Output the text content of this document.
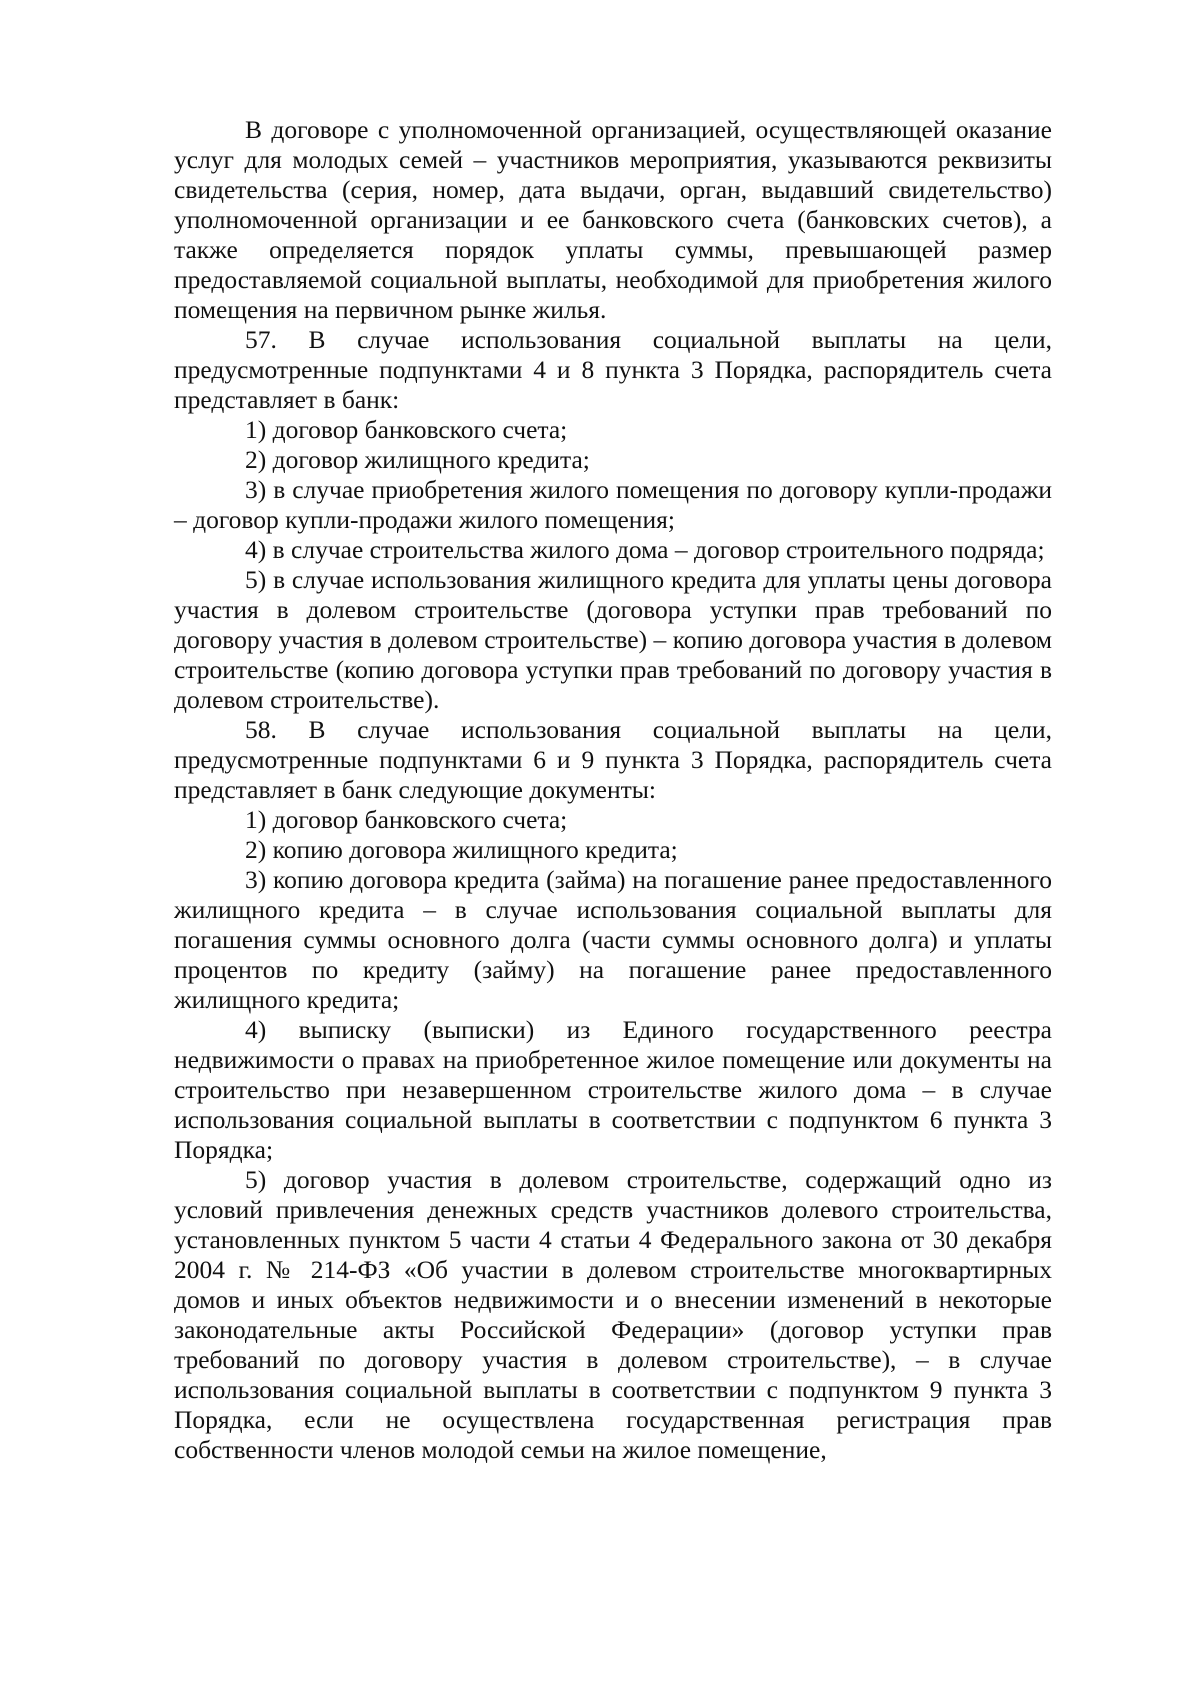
В договоре с уполномоченной организацией, осуществляющей оказание услуг для молодых семей – участников мероприятия, указываются реквизиты свидетельства (серия, номер, дата выдачи, орган, выдавший свидетельство) уполномоченной организации и ее банковского счета (банковских счетов), а также определяется порядок уплаты суммы, превышающей размер предоставляемой социальной выплаты, необходимой для приобретения жилого помещения на первичном рынке жилья.

57. В случае использования социальной выплаты на цели, предусмотренные подпунктами 4 и 8 пункта 3 Порядка, распорядитель счета представляет в банк:

1) договор банковского счета;

2) договор жилищного кредита;

3) в случае приобретения жилого помещения по договору купли-продажи – договор купли-продажи жилого помещения;

4) в случае строительства жилого дома – договор строительного подряда;

5) в случае использования жилищного кредита для уплаты цены договора участия в долевом строительстве (договора уступки прав требований по договору участия в долевом строительстве) – копию договора участия в долевом строительстве (копию договора уступки прав требований по договору участия в долевом строительстве).

58. В случае использования социальной выплаты на цели, предусмотренные подпунктами 6 и 9 пункта 3 Порядка, распорядитель счета представляет в банк следующие документы:

1) договор банковского счета;

2) копию договора жилищного кредита;

3) копию договора кредита (займа) на погашение ранее предоставленного жилищного кредита – в случае использования социальной выплаты для погашения суммы основного долга (части суммы основного долга) и уплаты процентов по кредиту (займу) на погашение ранее предоставленного жилищного кредита;

4) выписку (выписки) из Единого государственного реестра недвижимости о правах на приобретенное жилое помещение или документы на строительство при незавершенном строительстве жилого дома – в случае использования социальной выплаты в соответствии с подпунктом 6 пункта 3 Порядка;

5) договор участия в долевом строительстве, содержащий одно из условий привлечения денежных средств участников долевого строительства, установленных пунктом 5 части 4 статьи 4 Федерального закона от 30 декабря 2004 г. № 214-ФЗ «Об участии в долевом строительстве многоквартирных домов и иных объектов недвижимости и о внесении изменений в некоторые законодательные акты Российской Федерации» (договор уступки прав требований по договору участия в долевом строительстве), – в случае использования социальной выплаты в соответствии с подпунктом 9 пункта 3 Порядка, если не осуществлена государственная регистрация прав собственности членов молодой семьи на жилое помещение,
